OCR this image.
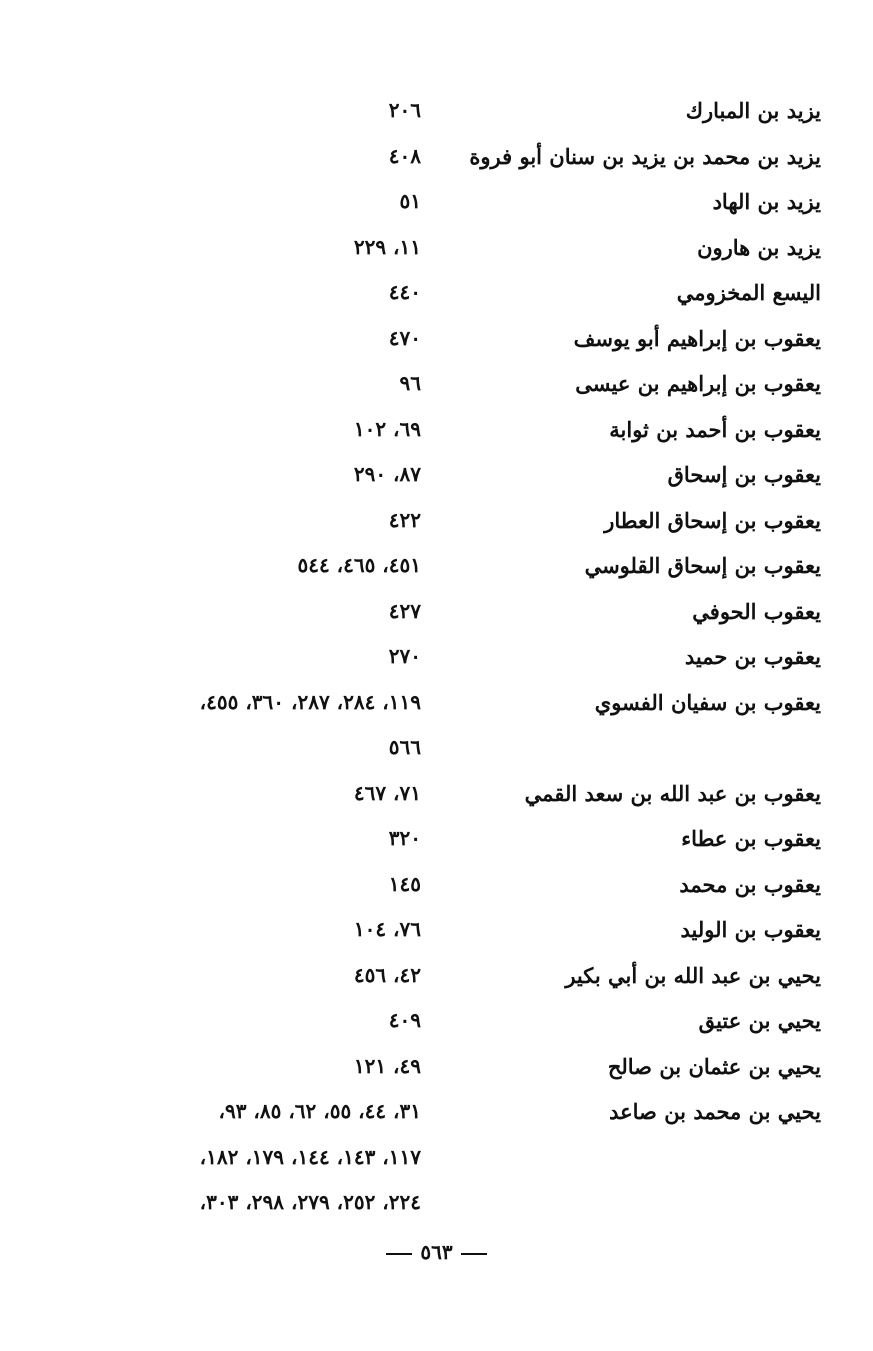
يزيد بن المبارك
٢٠٦
يزيد بن محمد بن يزيد بن سنان أبو فروة
٤٠٨
يزيد بن الهاد
٥١
يزيد بن هارون
١١، ٢٢٩
اليسع المخزومي
٤٤٠
يعقوب بن إبراهيم أبو يوسف
٤٧٠
يعقوب بن إبراهيم بن عيسى
٩٦
يعقوب بن أحمد بن ثوابة
٦٩، ١٠٢
يعقوب بن إسحاق
٨٧، ٢٩٠
يعقوب بن إسحاق العطار
٤٢٢
يعقوب بن إسحاق القلوسي
٤٥١، ٤٦٥، ٥٤٤
يعقوب الحوفي
٤٢٧
يعقوب بن حميد
٢٧٠
يعقوب بن سفيان الفسوي
١١٩، ٢٨٤، ٢٨٧، ٣٦٠، ٤٥٥،
٥٦٦
يعقوب بن عبد الله بن سعد القمي
٧١، ٤٦٧
يعقوب بن عطاء
٣٢٠
يعقوب بن محمد
١٤٥
يعقوب بن الوليد
٧٦، ١٠٤
يحيي بن عبد الله بن أبي بكير
٤٢، ٤٥٦
يحيي بن عتيق
٤٠٩
يحيي بن عثمان بن صالح
٤٩، ١٢١
يحيي بن محمد بن صاعد
٣١، ٤٤، ٥٥، ٦٢، ٨٥، ٩٣،
١١٧، ١٤٣، ١٤٤، ١٧٩، ١٨٢،
٢٢٤، ٢٥٢، ٢٧٩، ٢٩٨، ٣٠٣،
٥٦٣
